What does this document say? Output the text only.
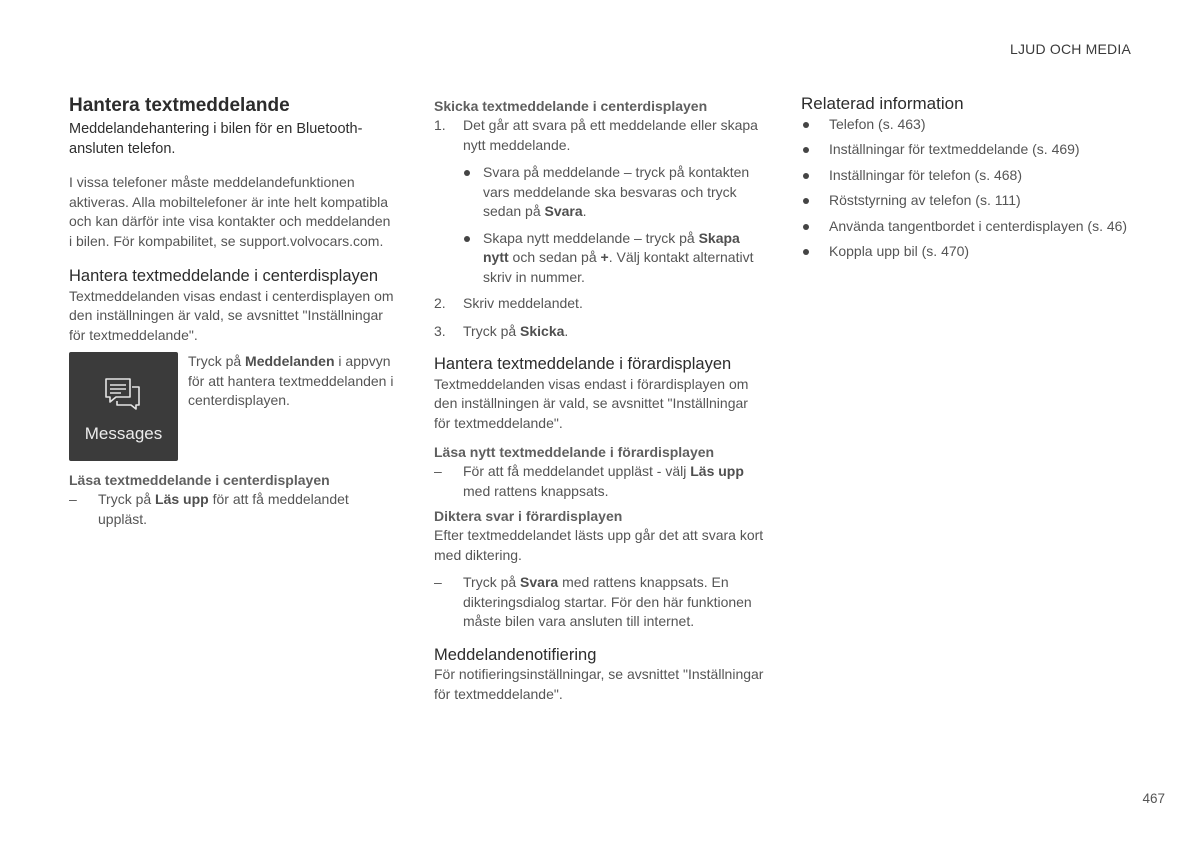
LJUD OCH MEDIA
Hantera textmeddelande

Meddelandehantering i bilen för en Bluetooth-ansluten telefon.

I vissa telefoner måste meddelandefunktionen aktiveras. Alla mobiltelefoner är inte helt kompatibla och kan därför inte visa kontakter och meddelanden i bilen. För kompabilitet, se support.volvocars.com.

Hantera textmeddelande i centerdisplayen

Textmeddelanden visas endast i centerdisplayen om den inställningen är vald, se avsnittet "Inställningar för textmeddelande".

Messages

Tryck på Meddelanden i appvyn för att hantera textmeddelanden i centerdisplayen.

Läsa textmeddelande i centerdisplayen
– Tryck på Läs upp för att få meddelandet uppläst.
Skicka textmeddelande i centerdisplayen
1. Det går att svara på ett meddelande eller skapa nytt meddelande.
Svara på meddelande – tryck på kontakten vars meddelande ska besvaras och tryck sedan på Svara.
Skapa nytt meddelande – tryck på Skapa nytt och sedan på +. Välj kontakt alternativt skriv in nummer.
2. Skriv meddelandet.
3. Tryck på Skicka.
Hantera textmeddelande i förardisplayen

Textmeddelanden visas endast i förardisplayen om den inställningen är vald, se avsnittet "Inställningar för textmeddelande".

Läsa nytt textmeddelande i förardisplayen
– För att få meddelandet uppläst - välj Läs upp med rattens knappsats.
Diktera svar i förardisplayen

Efter textmeddelandet lästs upp går det att svara kort med diktering.

– Tryck på Svara med rattens knappsats. En dikteringsdialog startar. För den här funktionen måste bilen vara ansluten till internet.
Meddelandenotifiering

För notifieringsinställningar, se avsnittet "Inställningar för textmeddelande".

Relaterad information
Telefon (s. 463)
Inställningar för textmeddelande (s. 469)
Inställningar för telefon (s. 468)
Röststyrning av telefon (s. 111)
Använda tangentbordet i centerdisplayen (s. 46)
Koppla upp bil (s. 470)
467
